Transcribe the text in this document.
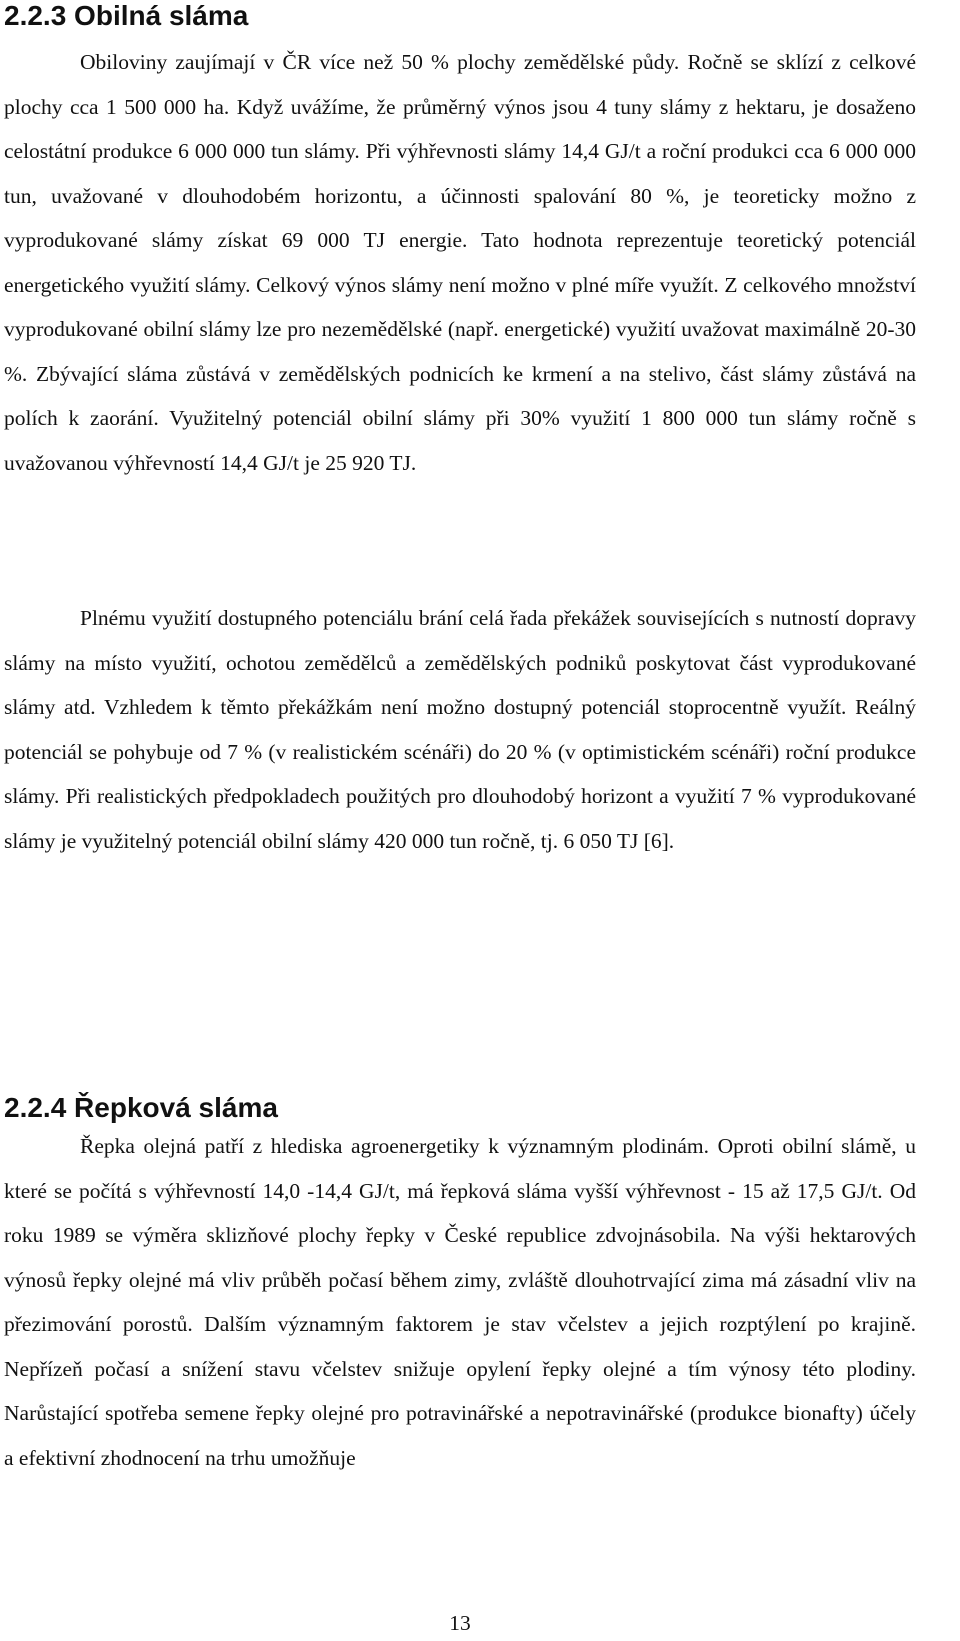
2.2.3 Obilná sláma

Obiloviny zaujímají v ČR více než 50 % plochy zemědělské půdy. Ročně se sklízí z celkové plochy cca 1 500 000 ha. Když uvážíme, že průměrný výnos jsou 4 tuny slámy z hektaru, je dosaženo celostátní produkce 6 000 000 tun slámy. Při výhřevnosti slámy 14,4 GJ/t a roční produkci cca 6 000 000 tun, uvažované v dlouhodobém horizontu, a účinnosti spalování 80 %, je teoreticky možno z vyprodukované slámy získat 69 000 TJ energie. Tato hodnota reprezentuje teoretický potenciál energetického využití slámy. Celkový výnos slámy není možno v plné míře využít. Z celkového množství vyprodukované obilní slámy lze pro nezemědělské (např. energetické) využití uvažovat maximálně 20-30 %. Zbývající sláma zůstává v zemědělských podnicích ke krmení a na stelivo, část slámy zůstává na polích k zaorání. Využitelný potenciál obilní slámy při 30% využití 1 800 000 tun slámy ročně s uvažovanou výhřevností 14,4 GJ/t je 25 920 TJ.

Plnému využití dostupného potenciálu brání celá řada překážek souvisejících s nutností dopravy slámy na místo využití, ochotou zemědělců a zemědělských podniků poskytovat část vyprodukované slámy atd. Vzhledem k těmto překážkám není možno dostupný potenciál stoprocentně využít. Reálný potenciál se pohybuje od 7 % (v realistickém scénáři) do 20 % (v optimistickém scénáři) roční produkce slámy. Při realistických předpokladech použitých pro dlouhodobý horizont a využití 7 % vyprodukované slámy je využitelný potenciál obilní slámy 420 000 tun ročně, tj. 6 050 TJ [6].

2.2.4 Řepková sláma

Řepka olejná patří z hlediska agroenergetiky k významným plodinám. Oproti obilní slámě, u které se počítá s výhřevností 14,0 -14,4 GJ/t, má řepková sláma vyšší výhřevnost - 15 až 17,5 GJ/t. Od roku 1989 se výměra sklizňové plochy řepky v České republice zdvojnásobila. Na výši hektarových výnosů řepky olejné má vliv průběh počasí během zimy, zvláště dlouhotrvající zima má zásadní vliv na přezimování porostů. Dalším významným faktorem je stav včelstev a jejich rozptýlení po krajině. Nepřízeň počasí a snížení stavu včelstev snižuje opylení řepky olejné a tím výnosy této plodiny. Narůstající spotřeba semene řepky olejné pro potravinářské a nepotravinářské (produkce bionafty) účely a efektivní zhodnocení na trhu umožňuje

13
